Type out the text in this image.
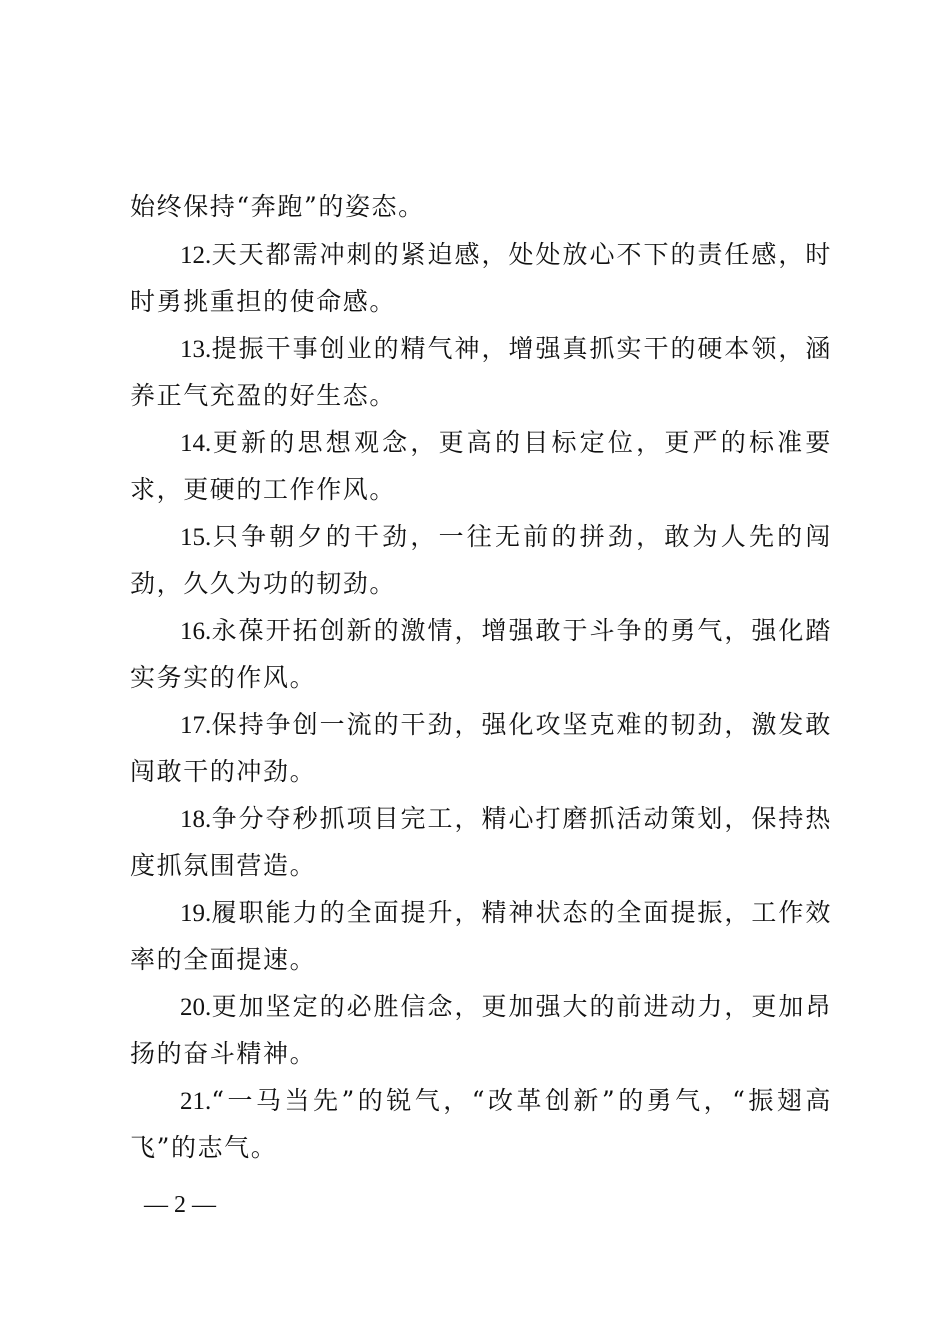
始终保持“奔跑”的姿态。

12.天天都需冲刺的紧迫感，处处放心不下的责任感，时时勇挑重担的使命感。

13.提振干事创业的精气神，增强真抓实干的硬本领，涵养正气充盈的好生态。

14.更新的思想观念，更高的目标定位，更严的标准要求，更硬的工作作风。

15.只争朝夕的干劲，一往无前的拼劲，敢为人先的闯劲，久久为功的韧劲。

16.永葆开拓创新的激情，增强敢于斗争的勇气，强化踏实务实的作风。

17.保持争创一流的干劲，强化攻坚克难的韧劲，激发敢闯敢干的冲劲。

18.争分夺秒抓项目完工，精心打磨抓活动策划，保持热度抓氛围营造。

19.履职能力的全面提升，精神状态的全面提振，工作效率的全面提速。

20.更加坚定的必胜信念，更加强大的前进动力，更加昂扬的奋斗精神。

21.“一马当先”的锐气，“改革创新”的勇气，“振翅高飞”的志气。

— 2 —
